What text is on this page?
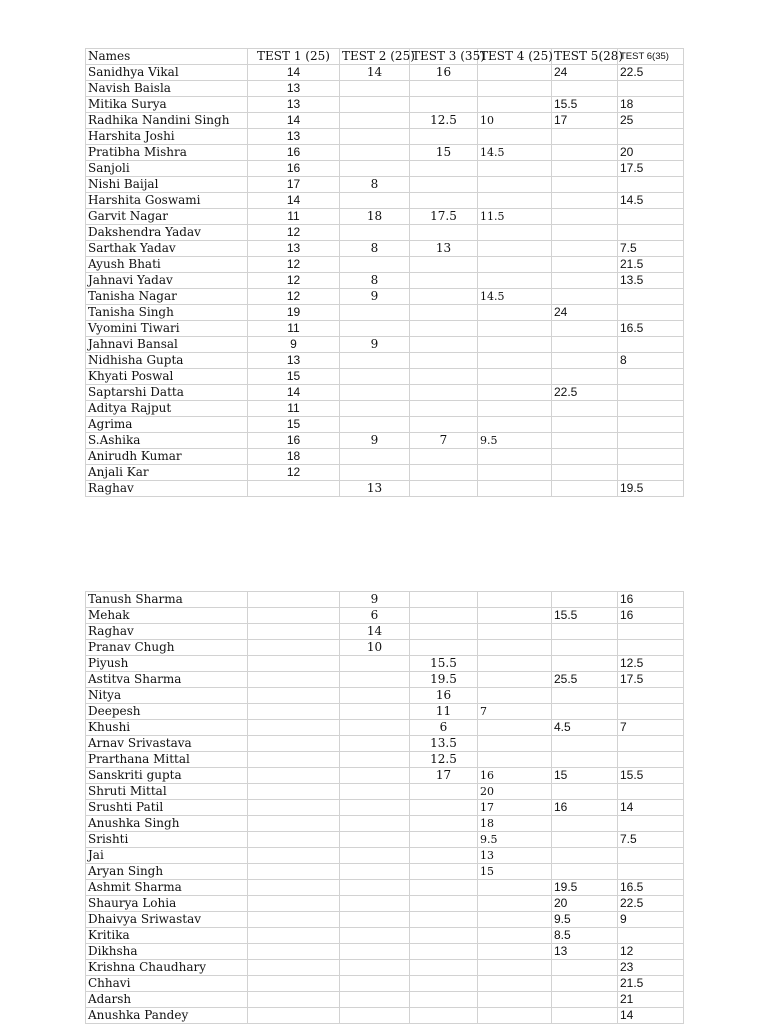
Names	TEST 1 (25)	TEST 2 (25)	TEST 3 (35)	TEST 4 (25)	TEST 5(28)	TEST 6(35)
Sanidhya Vikal	14	14	16		24	22.5
Navish Baisla	13					
Mitika Surya	13				15.5	18
Radhika Nandini Singh	14		12.5	10	17	25
Harshita Joshi	13					
Pratibha Mishra	16		15	14.5		20
Sanjoli	16					17.5
Nishi Baijal	17	8				
Harshita Goswami	14					14.5
Garvit Nagar	11	18	17.5	11.5		
Dakshendra Yadav	12					
Sarthak Yadav	13	8	13			7.5
Ayush Bhati	12					21.5
Jahnavi Yadav	12	8				13.5
Tanisha Nagar	12	9		14.5		
Tanisha Singh	19				24	
Vyomini Tiwari	11					16.5
Jahnavi Bansal	9	9				
Nidhisha Gupta	13					8
Khyati Poswal	15					
Saptarshi Datta	14				22.5	
Aditya Rajput	11					
Agrima	15					
S.Ashika	16	9	7	9.5		
Anirudh Kumar	18					
Anjali Kar	12					
Raghav		13				19.5
Tanush Sharma		9				16
Mehak		6			15.5	16
Raghav		14				
Pranav Chugh		10				
Piyush			15.5			12.5
Astitva Sharma			19.5		25.5	17.5
Nitya			16			
Deepesh			11	7		
Khushi			6		4.5	7
Arnav Srivastava			13.5			
Prarthana Mittal			12.5			
Sanskriti gupta			17	16	15	15.5
Shruti Mittal				20		
Srushti Patil				17	16	14
Anushka Singh				18		
Srishti				9.5		7.5
Jai				13		
Aryan Singh				15		
Ashmit Sharma					19.5	16.5
Shaurya Lohia					20	22.5
Dhaivya Sriwastav					9.5	9
Kritika					8.5	
Dikhsha					13	12
Krishna Chaudhary						23
Chhavi						21.5
Adarsh						21
Anushka Pandey						14
